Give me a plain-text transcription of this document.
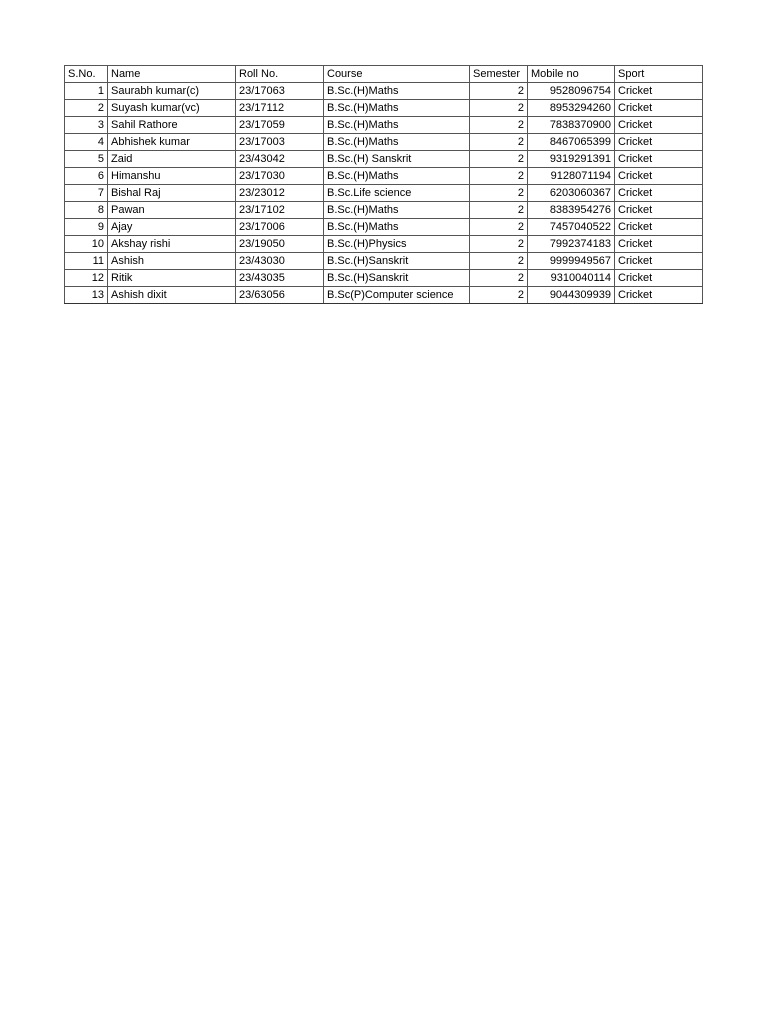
S.No.	Name	Roll No.	Course	Semester	Mobile no	Sport
1	Saurabh kumar(c)	23/17063	B.Sc.(H)Maths	2	9528096754	Cricket
2	Suyash kumar(vc)	23/17112	B.Sc.(H)Maths	2	8953294260	Cricket
3	Sahil Rathore	23/17059	B.Sc.(H)Maths	2	7838370900	Cricket
4	Abhishek kumar	23/17003	B.Sc.(H)Maths	2	8467065399	Cricket
5	Zaid	23/43042	B.Sc.(H) Sanskrit	2	9319291391	Cricket
6	Himanshu	23/17030	B.Sc.(H)Maths	2	9128071194	Cricket
7	Bishal Raj	23/23012	B.Sc.Life science	2	6203060367	Cricket
8	Pawan	23/17102	B.Sc.(H)Maths	2	8383954276	Cricket
9	Ajay	23/17006	B.Sc.(H)Maths	2	7457040522	Cricket
10	Akshay rishi	23/19050	B.Sc.(H)Physics	2	7992374183	Cricket
11	Ashish	23/43030	B.Sc.(H)Sanskrit	2	9999949567	Cricket
12	Ritik	23/43035	B.Sc.(H)Sanskrit	2	9310040114	Cricket
13	Ashish dixit	23/63056	B.Sc(P)Computer science	2	9044309939	Cricket
